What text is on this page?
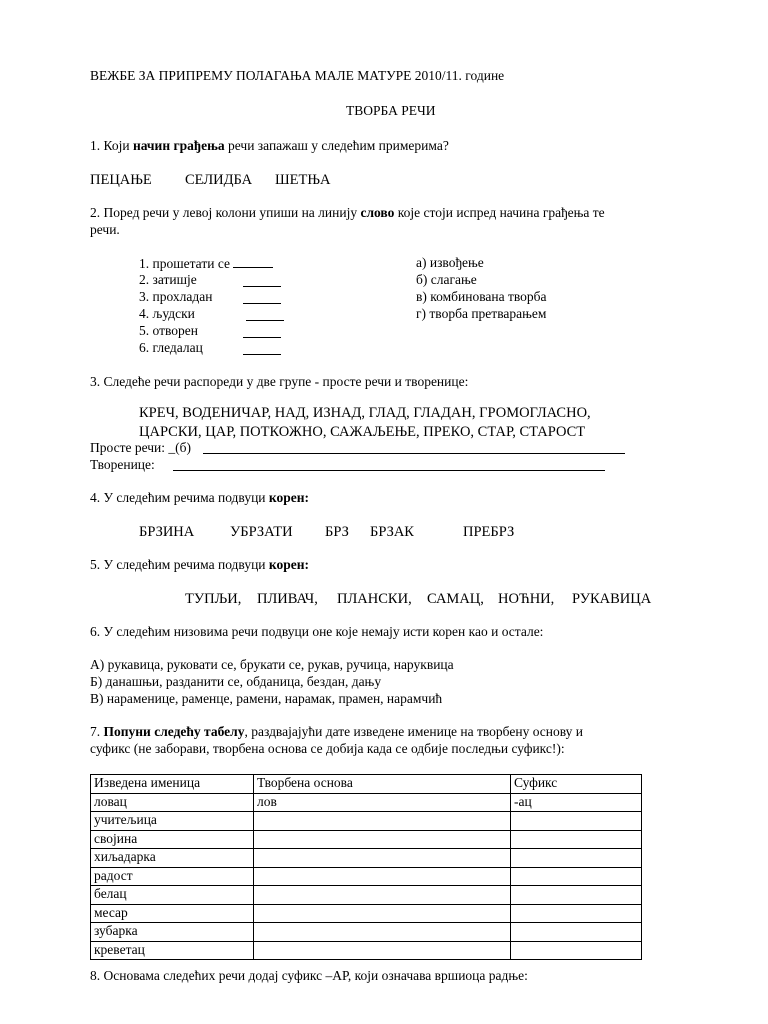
ВЕЖБЕ ЗА ПРИПРЕМУ ПОЛАГАЊА МАЛЕ МАТУРЕ 2010/11. године
ТВОРБА РЕЧИ
1. Који начин грађења речи запажаш у следећим примерима?
ПЕЦАЊЕ СЕЛИДБА ШЕТЊА
2. Поред речи у левој колони упиши на линију слово које стоји испред начина грађења те
речи.
1. прошетати се
2. затишје
3. прохладан
4. људски
5. отворен
6. гледалац
а) извођење
б) слагање
в) комбинована творба
г) творба претварањем
3. Следеће речи распореди у две групе - просте речи и творенице:
КРЕЧ, ВОДЕНИЧАР, НАД, ИЗНАД, ГЛАД, ГЛАДАН, ГРОМОГЛАСНО,
ЦАРСКИ, ЦАР, ПОТКОЖНО, САЖАЉЕЊЕ, ПРЕКО, СТАР, СТАРОСТ
Просте речи: _(б)
Творенице:
4. У следећим речима подвуци корен:
БРЗИНА УБРЗАТИ БРЗ БРЗАК	ПРЕБРЗ
5. У следећим речима подвуци корен:
ТУПЉИ, ПЛИВАЧ, ПЛАНСКИ, САМАЦ, НОЋНИ, РУКАВИЦА
6. У следећим низовима речи подвуци оне које немају исти корен као и остале:
А) рукавица, руковати се, брукати се, рукав, ручица, наруквица
Б) данашњи, раздaнити се, обданица, бездан, дању
В) нараменице, раменце, рамени, нарамак, прамен, нарамчић
7. Попуни следећу табелу, раздвајајући дате изведене именице на творбену основу и
суфикс (не заборави, творбена основа се добија када се одбије последњи суфикс!):
Изведена именица	Творбена основа	Суфикс
ловац	лов	-ац
учитељица		
својина		
хиљадарка		
радост		
белац		
месар		
зубарка		
креветац		
8. Основама следећих речи додај суфикс –АР, који означава вршиоца радње:
